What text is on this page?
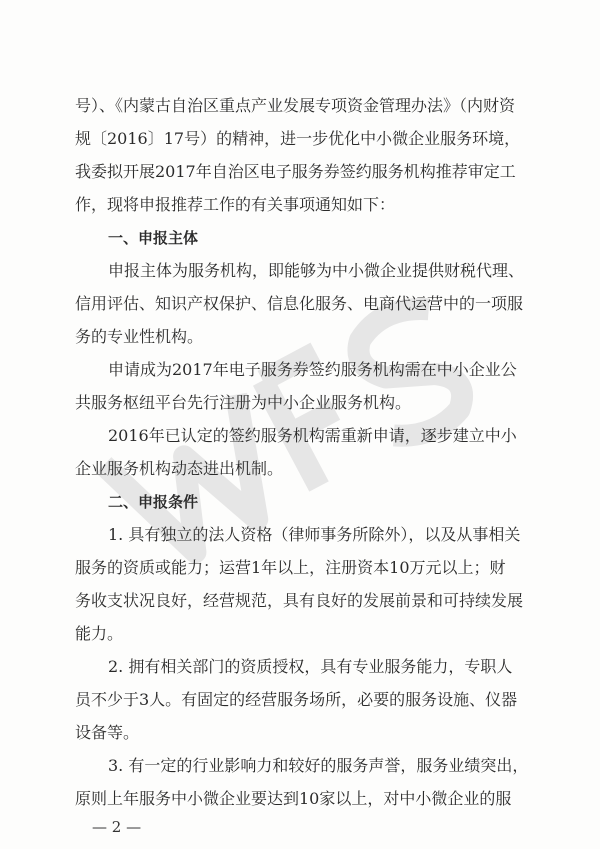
号）、《内蒙古自治区重点产业发展专项资金管理办法》（内财资
规〔2016〕17号）的精神，进一步优化中小微企业服务环境，
我委拟开展2017年自治区电子服务券签约服务机构推荐审定工
作，现将申报推荐工作的有关事项通知如下：
一、申报主体
申报主体为服务机构，即能够为中小微企业提供财税代理、
信用评估、知识产权保护、信息化服务、电商代运营中的一项服
务的专业性机构。
申请成为2017年电子服务券签约服务机构需在中小企业公
共服务枢纽平台先行注册为中小企业服务机构。
2016年已认定的签约服务机构需重新申请，逐步建立中小
企业服务机构动态进出机制。
二、申报条件
1. 具有独立的法人资格（律师事务所除外），以及从事相关
服务的资质或能力；运营1年以上，注册资本10万元以上；财
务收支状况良好，经营规范，具有良好的发展前景和可持续发展
能力。
2. 拥有相关部门的资质授权，具有专业服务能力，专职人
员不少于3人。有固定的经营服务场所，必要的服务设施、仪器
设备等。
3. 有一定的行业影响力和较好的服务声誉，服务业绩突出，
原则上年服务中小微企业要达到10家以上，对中小微企业的服
— 2 —
